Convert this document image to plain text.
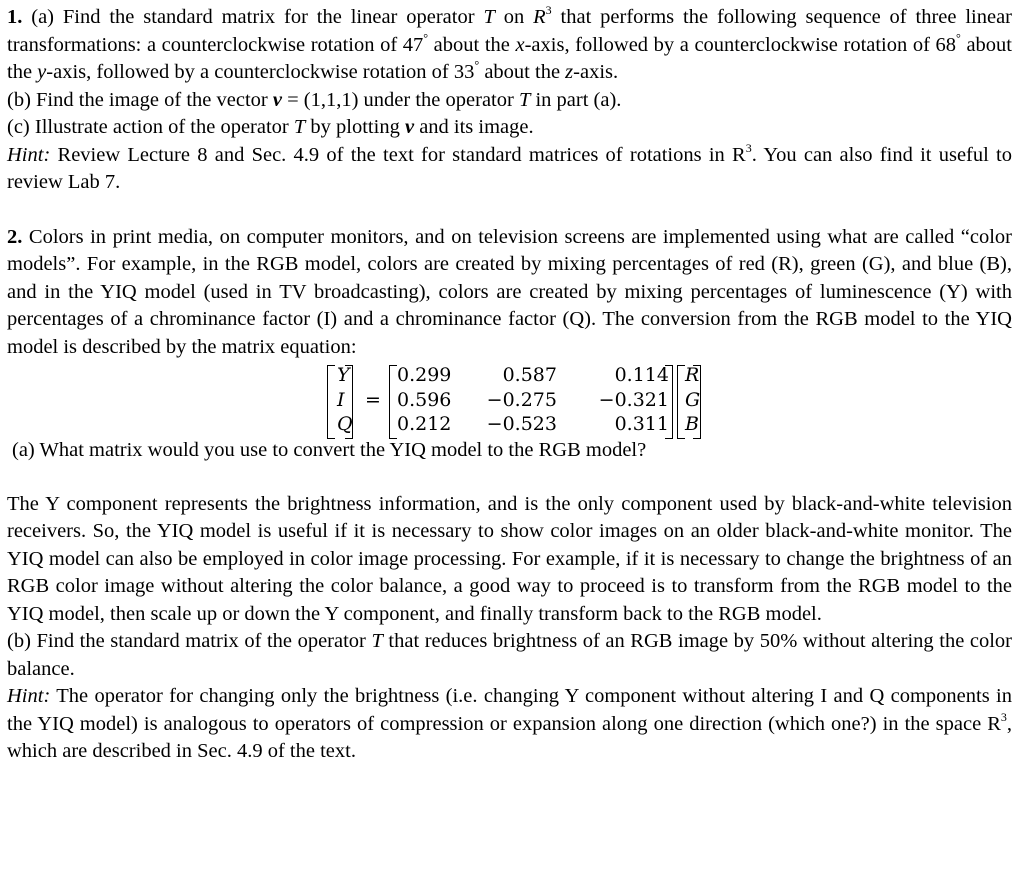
1. (a) Find the standard matrix for the linear operator T on $R^3$ that performs the following sequence of three linear transformations: a counterclockwise rotation of 47° about the x-axis, followed by a counterclockwise rotation of 68° about the y-axis, followed by a counterclockwise rotation of 33° about the z-axis.

(b) Find the image of the vector v = (1,1,1) under the operator T in part (a).

(c) Illustrate action of the operator T by plotting v and its image.

Hint: Review Lecture 8 and Sec. 4.9 of the text for standard matrices of rotations in $R^3$. You can also find it useful to review Lab 7.

2. Colors in print media, on computer monitors, and on television screens are implemented using what are called “color models”. For example, in the RGB model, colors are created by mixing percentages of red (R), green (G), and blue (B), and in the YIQ model (used in TV broadcasting), colors are created by mixing percentages of luminescence (Y) with percentages of a chrominance factor (I) and a chrominance factor (Q). The conversion from the RGB model to the YIQ model is described by the matrix equation:

Y
I
Q
=
0.299
0.596
0.212
0.587
−0.275
−0.523
0.114
−0.321
0.311
R
G
B

(a) What matrix would you use to convert the YIQ model to the RGB model?

The Y component represents the brightness information, and is the only component used by black-and-white television receivers. So, the YIQ model is useful if it is necessary to show color images on an older black-and-white monitor. The YIQ model can also be employed in color image processing. For example, if it is necessary to change the brightness of an RGB color image without altering the color balance, a good way to proceed is to transform from the RGB model to the YIQ model, then scale up or down the Y component, and finally transform back to the RGB model.

(b) Find the standard matrix of the operator T that reduces brightness of an RGB image by 50% without altering the color balance.

Hint: The operator for changing only the brightness (i.e. changing Y component without altering I and Q components in the YIQ model) is analogous to operators of compression or expansion along one direction (which one?) in the space $R^3$, which are described in Sec. 4.9 of the text.
